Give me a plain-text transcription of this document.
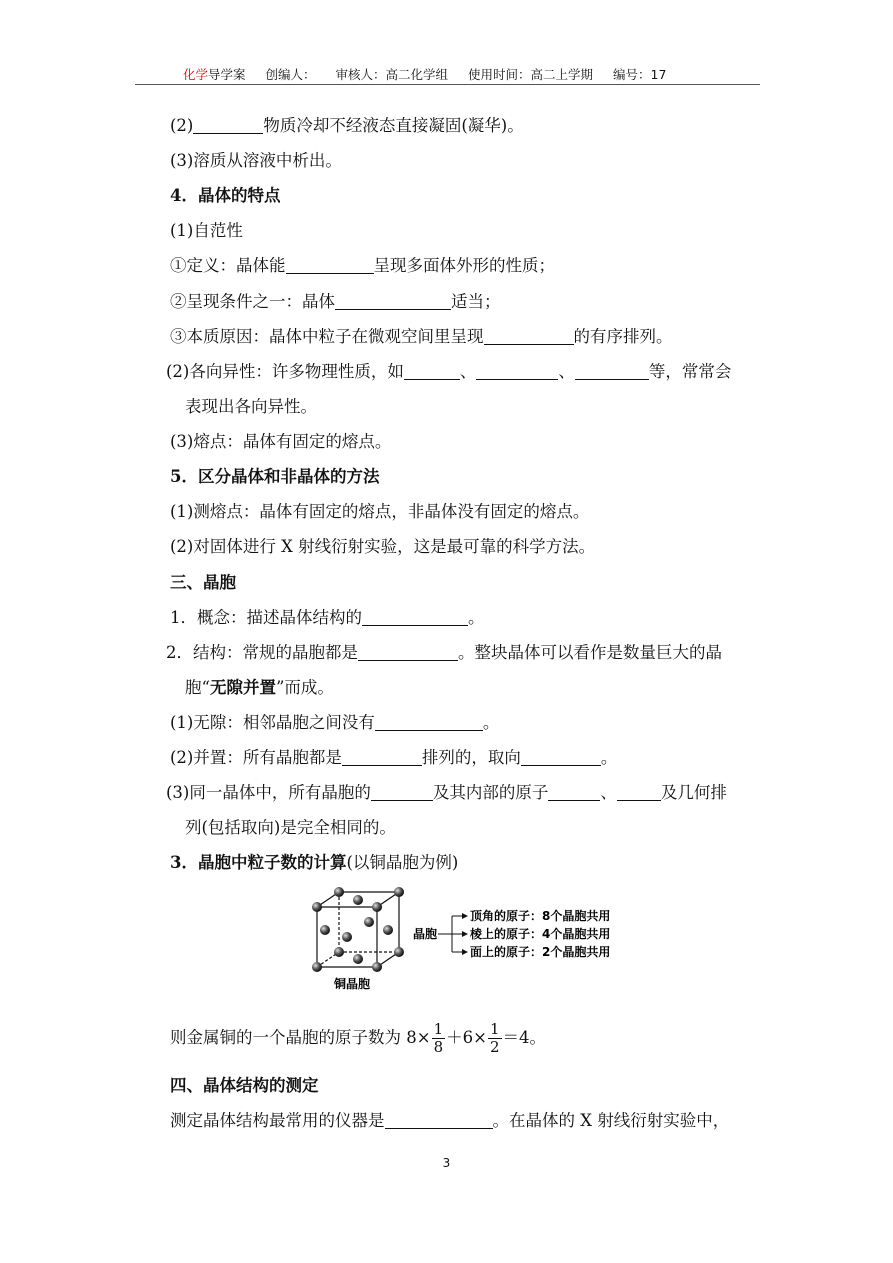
化学导学案 创编人： 审核人：高二化学组 使用时间：高二上学期 编号：17
(2)	物质冷却不经液态直接凝固(凝华)。
(3)溶质从溶液中析出。
4．晶体的特点
(1)自范性
①定义：晶体能	呈现多面体外形的性质；
②呈现条件之一：晶体	适当；
③本质原因：晶体中粒子在微观空间里呈现	的有序排列。
(2)各向异性：许多物理性质，如	、	、	等，常常会
表现出各向异性。
(3)熔点：晶体有固定的熔点。
5．区分晶体和非晶体的方法
(1)测熔点：晶体有固定的熔点，非晶体没有固定的熔点。
(2)对固体进行 X 射线衍射实验，这是最可靠的科学方法。
三、晶胞
1．概念：描述晶体结构的	。
2．结构：常规的晶胞都是	。整块晶体可以看作是数量巨大的晶
胞“无隙并置”而成。
(1)无隙：相邻晶胞之间没有	。
(2)并置：所有晶胞都是	排列的，取向	。
(3)同一晶体中，所有晶胞的	及其内部的原子	、	及几何排
列(包括取向)是完全相同的。
3．晶胞中粒子数的计算(以铜晶胞为例)
铜晶胞
晶胞
顶角的原子：8个晶胞共用
棱上的原子：4个晶胞共用
面上的原子：2个晶胞共用
则金属铜的一个晶胞的原子数为 $8\times \frac{1}{8} +6\times \frac{1}{2} =4$。
四、晶体结构的测定
测定晶体结构最常用的仪器是	。在晶体的 X 射线衍射实验中，
3
